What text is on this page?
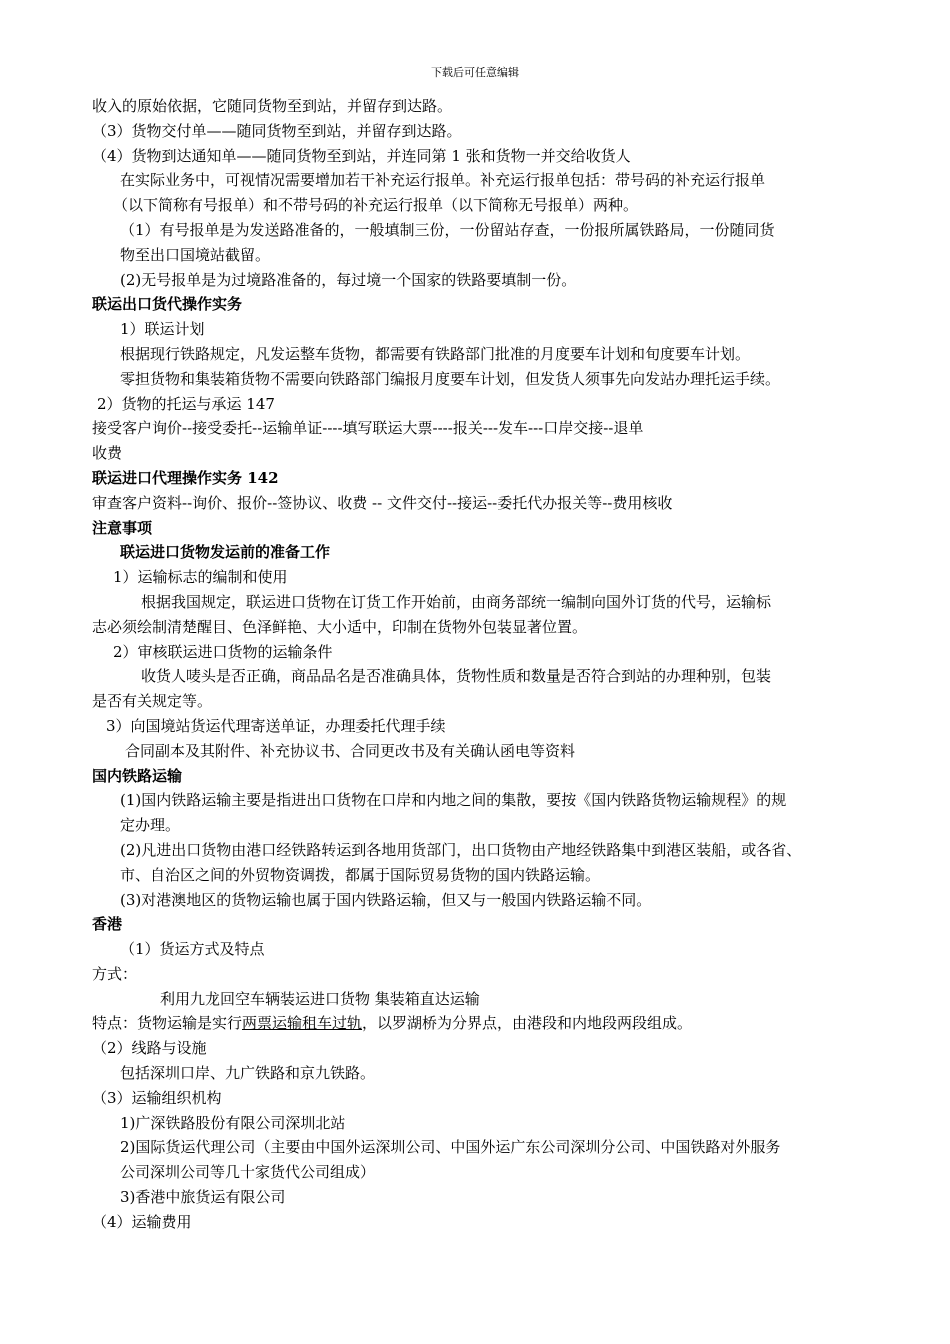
下载后可任意编辑
收入的原始依据，它随同货物至到站，并留存到达路。
（3）货物交付单——随同货物至到站，并留存到达路。
（4）货物到达通知单——随同货物至到站，并连同第 1 张和货物一并交给收货人
在实际业务中，可视情况需要增加若干补充运行报单。补充运行报单包括：带号码的补充运行报单
（以下简称有号报单）和不带号码的补充运行报单（以下简称无号报单）两种。
（1）有号报单是为发送路准备的，一般填制三份，一份留站存查，一份报所属铁路局，一份随同货
物至出口国境站截留。
(2)无号报单是为过境路准备的，每过境一个国家的铁路要填制一份。
联运出口货代操作实务
1）联运计划
根据现行铁路规定，凡发运整车货物，都需要有铁路部门批准的月度要车计划和旬度要车计划。
零担货物和集装箱货物不需要向铁路部门编报月度要车计划，但发货人须事先向发站办理托运手续。
2）货物的托运与承运 147
接受客户询价--接受委托--运输单证----填写联运大票----报关---发车---口岸交接--退单
收费
联运进口代理操作实务 142
审查客户资料--询价、报价--签协议、收费 -- 文件交付--接运--委托代办报关等--费用核收
注意事项
联运进口货物发运前的准备工作
1）运输标志的编制和使用
根据我国规定，联运进口货物在订货工作开始前，由商务部统一编制向国外订货的代号，运输标
志必须绘制清楚醒目、色泽鲜艳、大小适中，印制在货物外包装显著位置。
2）审核联运进口货物的运输条件
收货人唛头是否正确，商品品名是否准确具体，货物性质和数量是否符合到站的办理种别，包装
是否有关规定等。
3）向国境站货运代理寄送单证，办理委托代理手续
合同副本及其附件、补充协议书、合同更改书及有关确认函电等资料
国内铁路运输
(1)国内铁路运输主要是指进出口货物在口岸和内地之间的集散，要按《国内铁路货物运输规程》的规
定办理。
(2)凡进出口货物由港口经铁路转运到各地用货部门，出口货物由产地经铁路集中到港区装船，或各省、
市、自治区之间的外贸物资调拨，都属于国际贸易货物的国内铁路运输。
(3)对港澳地区的货物运输也属于国内铁路运输，但又与一般国内铁路运输不同。
香港
（1）货运方式及特点
方式：
利用九龙回空车辆装运进口货物 集装箱直达运输
特点：货物运输是实行两票运输租车过轨，以罗湖桥为分界点，由港段和内地段两段组成。
（2）线路与设施
包括深圳口岸、九广铁路和京九铁路。
（3）运输组织机构
1)广深铁路股份有限公司深圳北站
2)国际货运代理公司（主要由中国外运深圳公司、中国外运广东公司深圳分公司、中国铁路对外服务
公司深圳公司等几十家货代公司组成）
3)香港中旅货运有限公司
（4）运输费用
